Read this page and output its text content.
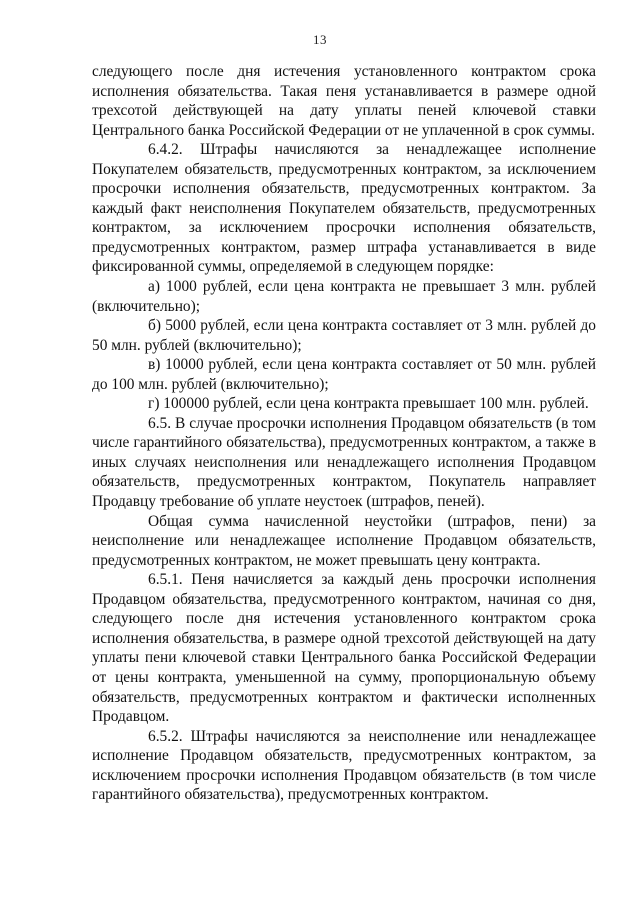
13

следующего после дня истечения установленного контрактом срока исполнения обязательства. Такая пеня устанавливается в размере одной трехсотой действующей на дату уплаты пеней ключевой ставки Центрального банка Российской Федерации от не уплаченной в срок суммы.

6.4.2. Штрафы начисляются за ненадлежащее исполнение Покупателем обязательств, предусмотренных контрактом, за исключением просрочки исполнения обязательств, предусмотренных контрактом. За каждый факт неисполнения Покупателем обязательств, предусмотренных контрактом, за исключением просрочки исполнения обязательств, предусмотренных контрактом, размер штрафа устанавливается в виде фиксированной суммы, определяемой в следующем порядке:

а) 1000 рублей, если цена контракта не превышает 3 млн. рублей (включительно);

б) 5000 рублей, если цена контракта составляет от 3 млн. рублей до 50 млн. рублей (включительно);

в) 10000 рублей, если цена контракта составляет от 50 млн. рублей до 100 млн. рублей (включительно);

г) 100000 рублей, если цена контракта превышает 100 млн. рублей.

6.5. В случае просрочки исполнения Продавцом обязательств (в том числе гарантийного обязательства), предусмотренных контрактом, а также в иных случаях неисполнения или ненадлежащего исполнения Продавцом обязательств, предусмотренных контрактом, Покупатель направляет Продавцу требование об уплате неустоек (штрафов, пеней).

Общая сумма начисленной неустойки (штрафов, пени) за неисполнение или ненадлежащее исполнение Продавцом обязательств, предусмотренных контрактом, не может превышать цену контракта.

6.5.1. Пеня начисляется за каждый день просрочки исполнения Продавцом обязательства, предусмотренного контрактом, начиная со дня, следующего после дня истечения установленного контрактом срока исполнения обязательства, в размере одной трехсотой действующей на дату уплаты пени ключевой ставки Центрального банка Российской Федерации от цены контракта, уменьшенной на сумму, пропорциональную объему обязательств, предусмотренных контрактом и фактически исполненных Продавцом.

6.5.2. Штрафы начисляются за неисполнение или ненадлежащее исполнение Продавцом обязательств, предусмотренных контрактом, за исключением просрочки исполнения Продавцом обязательств (в том числе гарантийного обязательства), предусмотренных контрактом.
